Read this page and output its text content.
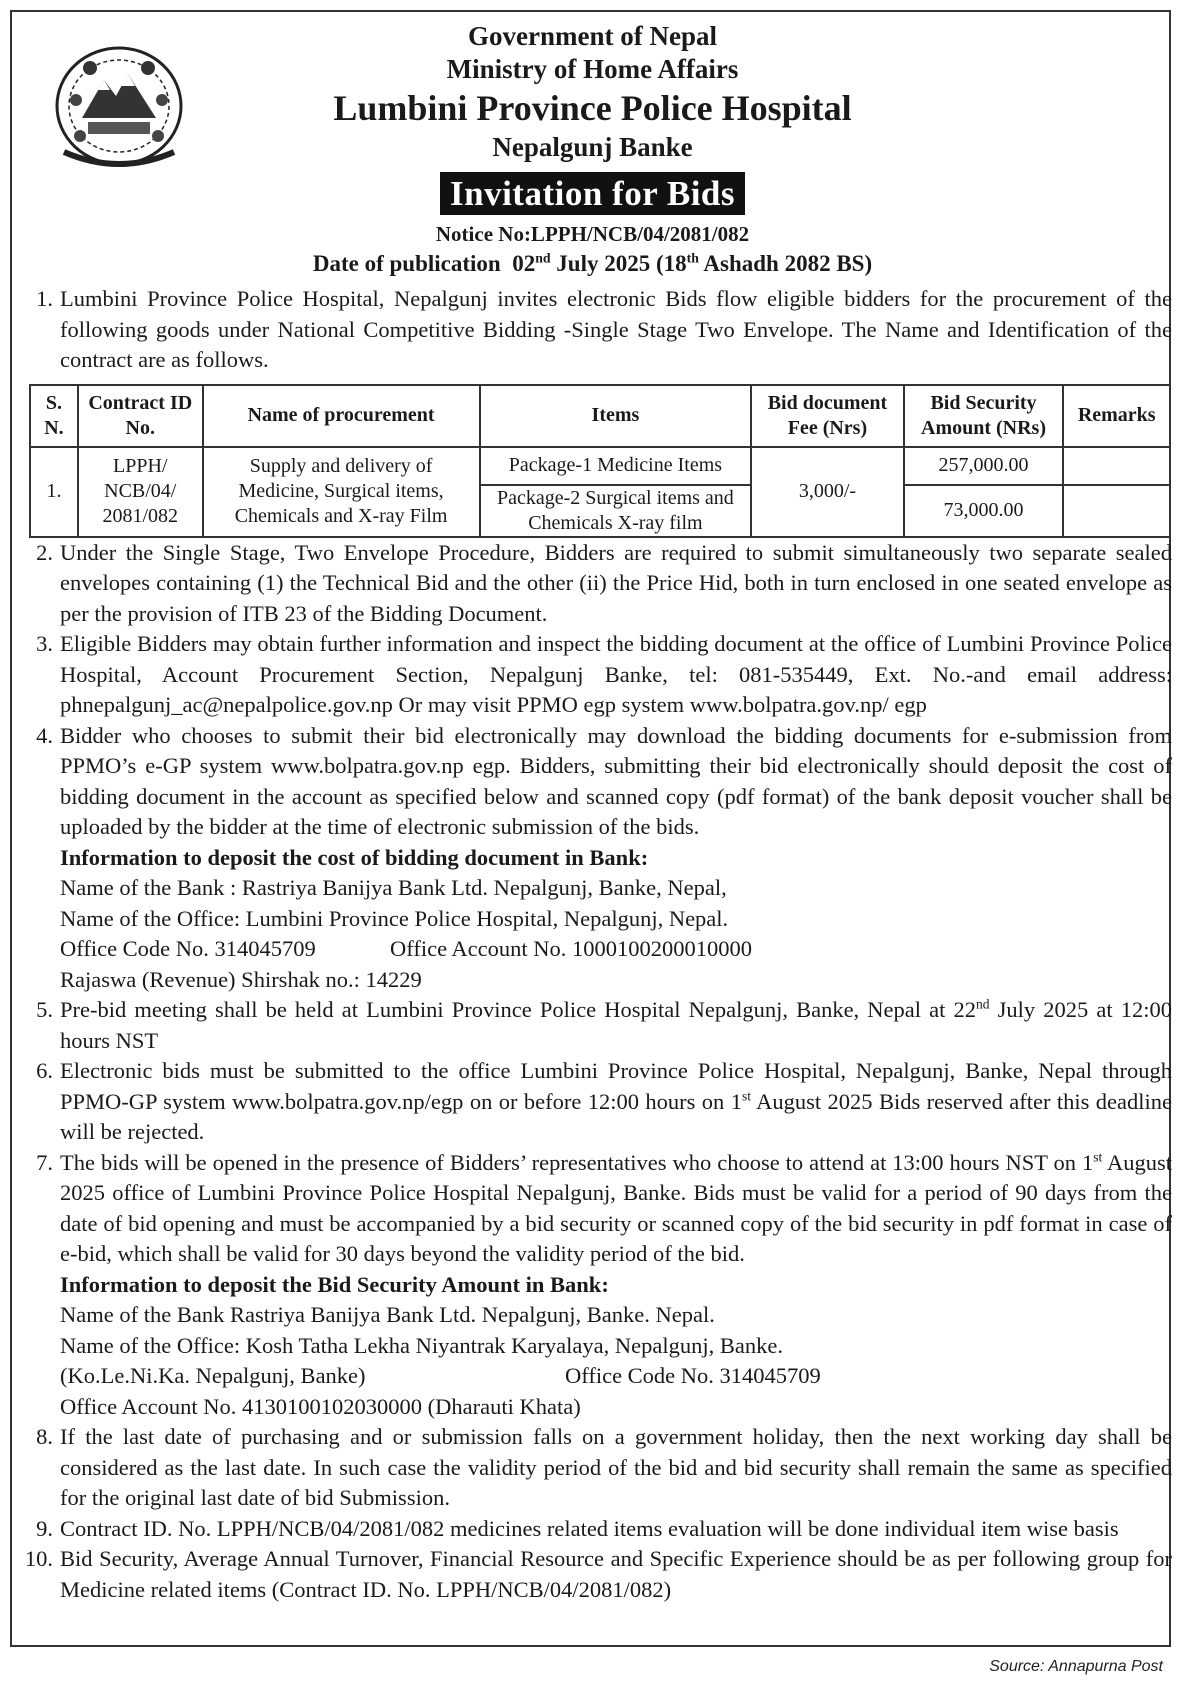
Government of Nepal
Ministry of Home Affairs
Lumbini Province Police Hospital
Nepalgunj Banke
Invitation for Bids
Notice No:LPPH/NCB/04/2081/082
Date of publication 02nd July 2025 (18th Ashadh 2082 BS)
1. Lumbini Province Police Hospital, Nepalgunj invites electronic Bids flow eligible bidders for the procurement of the following goods under National Competitive Bidding -Single Stage Two Envelope. The Name and Identification of the contract are as follows.
S. N.	Contract ID No.	Name of procurement	Items	Bid document Fee (Nrs)	Bid Security Amount (NRs)	Remarks
1.	LPPH/ NCB/04/ 2081/082	Supply and delivery of Medicine, Surgical items, Chemicals and X-ray Film	Package-1 Medicine Items	3,000/-	257,000.00	
			Package-2 Surgical items and Chemicals X-ray film		73,000.00	
2. Under the Single Stage, Two Envelope Procedure, Bidders are required to submit simultaneously two separate sealed envelopes containing (1) the Technical Bid and the other (ii) the Price Hid, both in turn enclosed in one seated envelope as per the provision of ITB 23 of the Bidding Document.
3. Eligible Bidders may obtain further information and inspect the bidding document at the office of Lumbini Province Police Hospital, Account Procurement Section, Nepalgunj Banke, tel: 081-535449, Ext. No.-and email address: phnepalgunj_ac@nepalpolice.gov.np Or may visit PPMO egp system www.bolpatra.gov.np/ egp
4. Bidder who chooses to submit their bid electronically may download the bidding documents for e-submission from PPMO’s e-GP system www.bolpatra.gov.np egp. Bidders, submitting their bid electronically should deposit the cost of bidding document in the account as specified below and scanned copy (pdf format) of the bank deposit voucher shall be uploaded by the bidder at the time of electronic submission of the bids.

Information to deposit the cost of bidding document in Bank:

Name of the Bank : Rastriya Banijya Bank Ltd. Nepalgunj, Banke, Nepal,

Name of the Office: Lumbini Province Police Hospital, Nepalgunj, Nepal.

Office Code No. 314045709	Office Account No. 1000100200010000

Rajaswa (Revenue) Shirshak no.: 14229

5. Pre-bid meeting shall be held at Lumbini Province Police Hospital Nepalgunj, Banke, Nepal at 22nd July 2025 at 12:00 hours NST
6. Electronic bids must be submitted to the office Lumbini Province Police Hospital, Nepalgunj, Banke, Nepal through PPMO-GP system www.bolpatra.gov.np/egp on or before 12:00 hours on 1st August 2025 Bids reserved after this deadline will be rejected.
7. The bids will be opened in the presence of Bidders’ representatives who choose to attend at 13:00 hours NST on 1st August 2025 office of Lumbini Province Police Hospital Nepalgunj, Banke. Bids must be valid for a period of 90 days from the date of bid opening and must be accompanied by a bid security or scanned copy of the bid security in pdf format in case of e-bid, which shall be valid for 30 days beyond the validity period of the bid.

Information to deposit the Bid Security Amount in Bank:

Name of the Bank Rastriya Banijya Bank Ltd. Nepalgunj, Banke. Nepal.

Name of the Office: Kosh Tatha Lekha Niyantrak Karyalaya, Nepalgunj, Banke.

(Ko.Le.Ni.Ka. Nepalgunj, Banke)	Office Code No. 314045709

Office Account No. 4130100102030000 (Dharauti Khata)

8. If the last date of purchasing and or submission falls on a government holiday, then the next working day shall be considered as the last date. In such case the validity period of the bid and bid security shall remain the same as specified for the original last date of bid Submission.
9. Contract ID. No. LPPH/NCB/04/2081/082 medicines related items evaluation will be done individual item wise basis
10. Bid Security, Average Annual Turnover, Financial Resource and Specific Experience should be as per following group for Medicine related items (Contract ID. No. LPPH/NCB/04/2081/082)
Source: Annapurna Post
